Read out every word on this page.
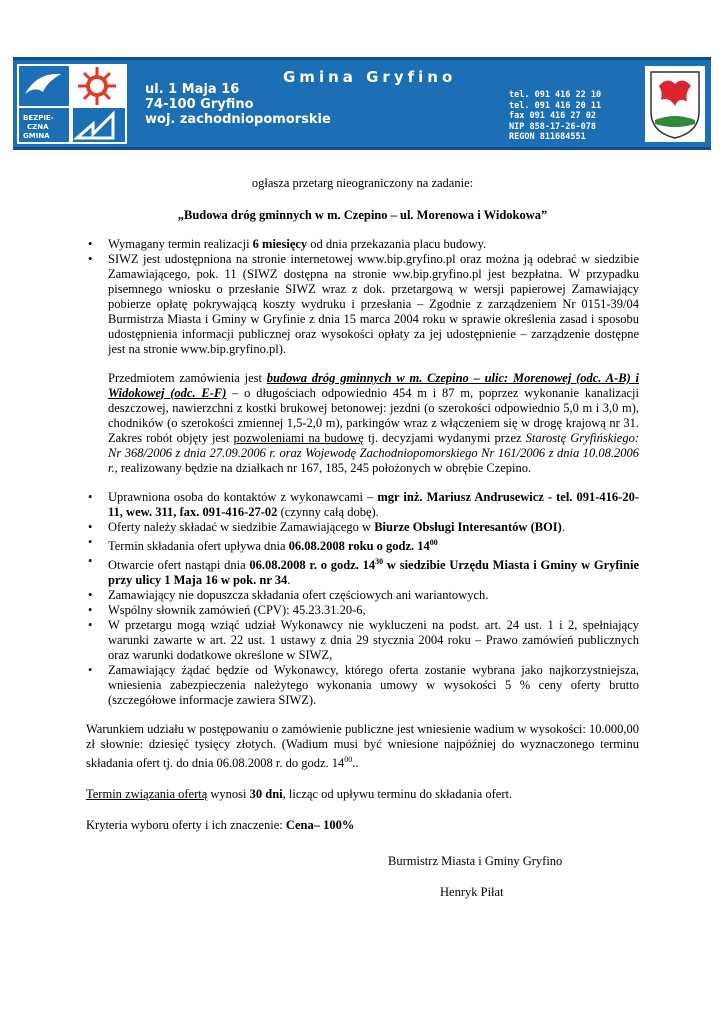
BEZPIE-
CZNA
GMINA
Gmina Gryfino
ul. 1 Maja 16
74-100 Gryfino
woj. zachodniopomorskie
tel. 091 416 22 10
tel. 091 416 20 11
fax 091 416 27 02
NIP 858-17-26-078
REGON 811684551
ogłasza przetarg nieograniczony na zadanie:
„Budowa dróg gminnych w m. Czepino – ul. Morenowa i Widokowa”
• Wymagany termin realizacji 6 miesięcy od dnia przekazania placu budowy.
• SIWZ jest udostępniona na stronie internetowej www.bip.gryfino.pl oraz można ją odebrać w siedzibie Zamawiającego, pok. 11 (SIWZ dostępna na stronie ww.bip.gryfino.pl jest bezpłatna. W przypadku pisemnego wniosku o przesłanie SIWZ wraz z dok. przetargową w wersji papierowej Zamawiający pobierze opłatę pokrywającą koszty wydruku i przesłania – Zgodnie z zarządzeniem Nr 0151-39/04 Burmistrza Miasta i Gminy w Gryfinie z dnia 15 marca 2004 roku w sprawie określenia zasad i sposobu udostępnienia informacji publicznej oraz wysokości opłaty za jej udostępnienie – zarządzenie dostępne jest na stronie www.bip.gryfino.pl).
Przedmiotem zamówienia jest budowa dróg gminnych w m. Czepino – ulic: Morenowej (odc. A-B) i Widokowej (odc. E-F) – o długościach odpowiednio 454 m i 87 m, poprzez wykonanie kanalizacji deszczowej, nawierzchni z kostki brukowej betonowej: jezdni (o szerokości odpowiednio 5,0 m i 3,0 m), chodników (o szerokości zmiennej 1,5-2,0 m), parkingów wraz z włączeniem się w drogę krajową nr 31. Zakres robót objęty jest pozwoleniami na budowę tj. decyzjami wydanymi przez Starostę Gryfińskiego: Nr 368/2006 z dnia 27.09.2006 r. oraz Wojewodę Zachodniopomorskiego Nr 161/2006 z dnia 10.08.2006 r., realizowany będzie na działkach nr 167, 185, 245 położonych w obrębie Czepino.
• Uprawniona osoba do kontaktów z wykonawcami – mgr inż. Mariusz Andrusewicz - tel. 091-416-20-11, wew. 311, fax. 091-416-27-02 (czynny całą dobę).
• Oferty należy składać w siedzibie Zamawiającego w Biurze Obsługi Interesantów (BOI).
• Termin składania ofert upływa dnia 06.08.2008 roku o godz. $14^{00}$
• Otwarcie ofert nastąpi dnia 06.08.2008 r. o godz. $14^{30}$ w siedzibie Urzędu Miasta i Gminy w Gryfinie przy ulicy 1 Maja 16 w pok. nr 34.
• Zamawiający nie dopuszcza składania ofert częściowych ani wariantowych.
• Wspólny słownik zamówień (CPV): 45.23.31.20-6,
• W przetargu mogą wziąć udział Wykonawcy nie wykluczeni na podst. art. 24 ust. 1 i 2, spełniający warunki zawarte w art. 22 ust. 1 ustawy z dnia 29 stycznia 2004 roku – Prawo zamówień publicznych oraz warunki dodatkowe określone w SIWZ,
• Zamawiający żądać będzie od Wykonawcy, którego oferta zostanie wybrana jako najkorzystniejsza, wniesienia zabezpieczenia należytego wykonania umowy w wysokości 5 % ceny oferty brutto (szczegółowe informacje zawiera SIWZ).
Warunkiem udziału w postępowaniu o zamówienie publiczne jest wniesienie wadium w wysokości: 10.000,00 zł słownie: dziesięć tysięcy złotych. (Wadium musi być wniesione najpóźniej do wyznaczonego terminu składania ofert tj. do dnia 06.08.2008 r. do godz. $14^{00}$..
Termin związania ofertą wynosi 30 dni, licząc od upływu terminu do składania ofert.
Kryteria wyboru oferty i ich znaczenie: Cena– 100%
Burmistrz Miasta i Gminy Gryfino
Henryk Piłat
